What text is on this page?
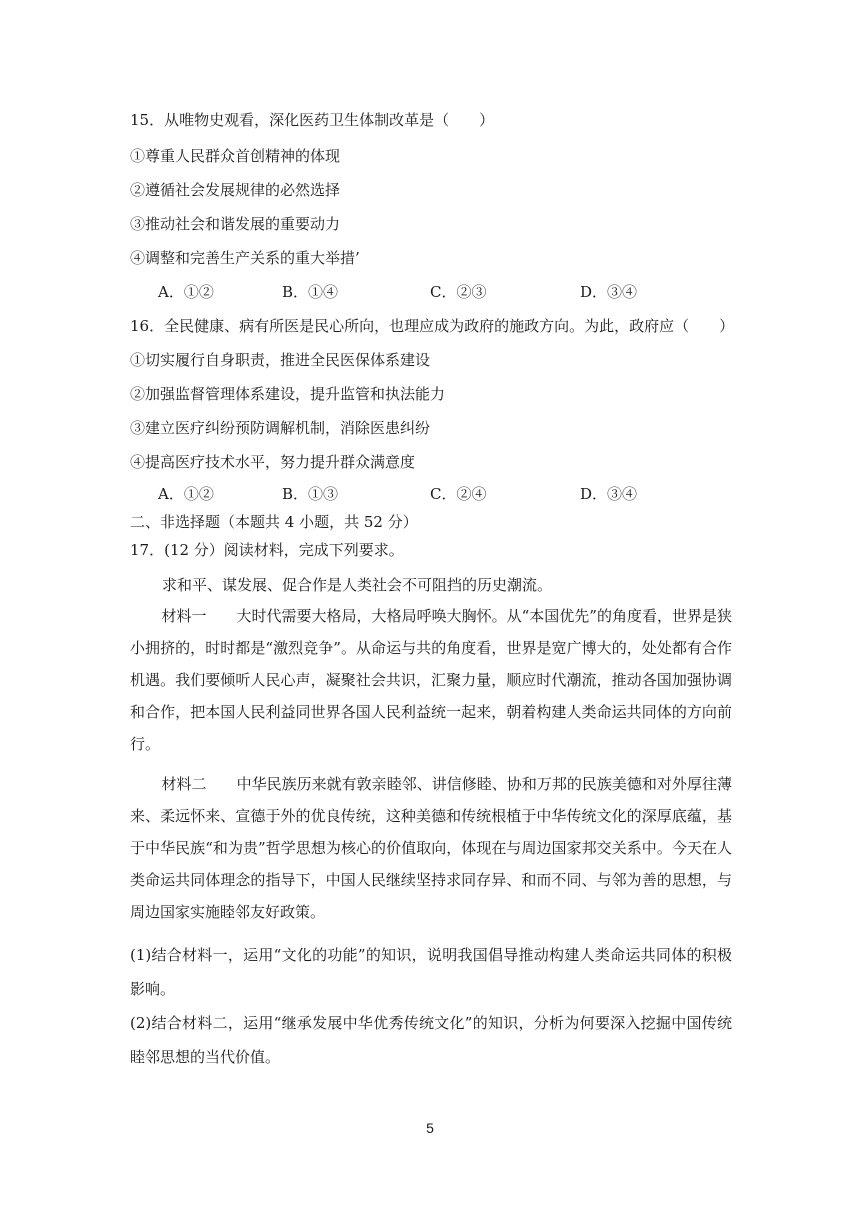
15．从唯物史观看，深化医药卫生体制改革是（　　）
①尊重人民群众首创精神的体现
②遵循社会发展规律的必然选择
③推动社会和谐发展的重要动力
④调整和完善生产关系的重大举措’
A．①②	B．①④	C．②③	D．③④
16．全民健康、病有所医是民心所向，也理应成为政府的施政方向。为此，政府应（　　）
①切实履行自身职责，推进全民医保体系建设
②加强监督管理体系建设，提升监管和执法能力
③建立医疗纠纷预防调解机制，消除医患纠纷
④提高医疗技术水平，努力提升群众满意度
A．①②	B．①③	C．②④	D．③④
二、非选择题（本题共 4 小题，共 52 分）
17．(12 分）阅读材料，完成下列要求。
求和平、谋发展、促合作是人类社会不可阻挡的历史潮流。
材料一　　大时代需要大格局，大格局呼唤大胸怀。从“本国优先”的角度看，世界是狭小拥挤的，时时都是“激烈竞争”。从命运与共的角度看，世界是宽广博大的，处处都有合作机遇。我们要倾听人民心声，凝聚社会共识，汇聚力量，顺应时代潮流，推动各国加强协调和合作，把本国人民利益同世界各国人民利益统一起来，朝着构建人类命运共同体的方向前行。
材料二　　中华民族历来就有敦亲睦邻、讲信修睦、协和万邦的民族美德和对外厚往薄来、柔远怀来、宣德于外的优良传统，这种美德和传统根植于中华传统文化的深厚底蕴，基于中华民族“和为贵”哲学思想为核心的价值取向，体现在与周边国家邦交关系中。今天在人类命运共同体理念的指导下，中国人民继续坚持求同存异、和而不同、与邻为善的思想，与周边国家实施睦邻友好政策。
(1)结合材料一，运用“文化的功能”的知识，说明我国倡导推动构建人类命运共同体的积极影响。
(2)结合材料二，运用“继承发展中华优秀传统文化”的知识，分析为何要深入挖掘中国传统睦邻思想的当代价值。
5
